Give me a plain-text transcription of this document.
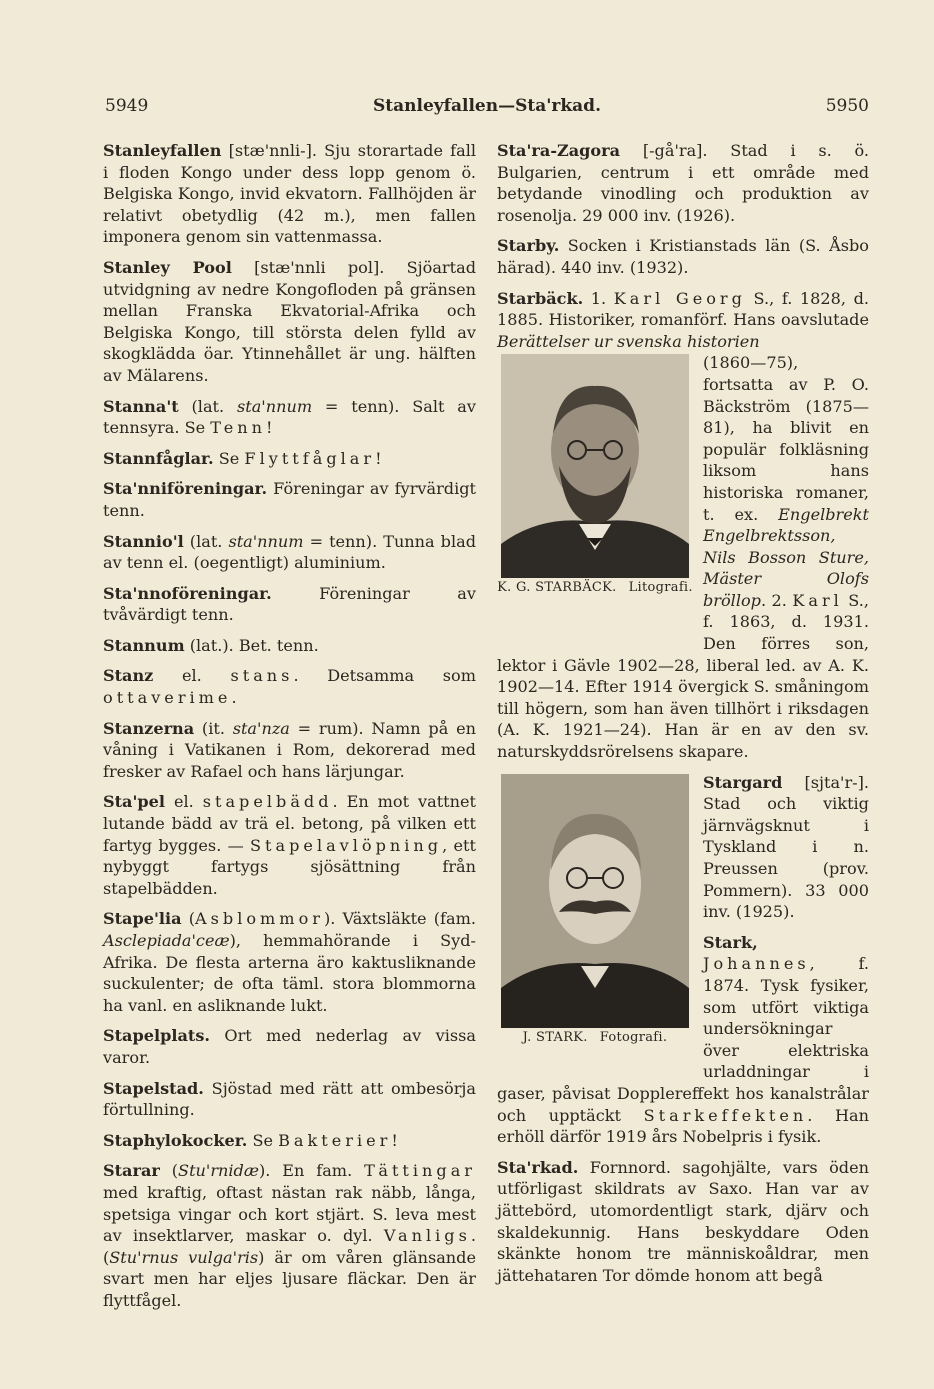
5949	Stanleyfallen—Sta'rkad.	5950

Stanleyfallen [stæ'nnli-]. Sju storartade fall i floden Kongo under dess lopp genom ö. Belgiska Kongo, invid ekvatorn. Fallhöjden är relativt obetydlig (42 m.), men fallen imponera genom sin vattenmassa.

Stanley Pool [stæ'nnli pol]. Sjöartad utvidgning av nedre Kongofloden på gränsen mellan Franska Ekvatorial-Afrika och Belgiska Kongo, till största delen fylld av skogklädda öar. Ytinnehållet är ung. hälften av Mälarens.

Stanna't (lat. sta'nnum = tenn). Salt av tennsyra. Se Tenn!

Stannfåglar. Se Flyttfåglar!

Sta'nniföreningar. Föreningar av fyrvärdigt tenn.

Stannio'l (lat. sta'nnum = tenn). Tunna blad av tenn el. (oegentligt) aluminium.

Sta'nnoföreningar. Föreningar av tvåvärdigt tenn.

Stannum (lat.). Bet. tenn.

Stanz el. stans. Detsamma som ottaverime.

Stanzerna (it. sta'nza = rum). Namn på en våning i Vatikanen i Rom, dekorerad med fresker av Rafael och hans lärjungar.

Sta'pel el. stapelbädd. En mot vattnet lutande bädd av trä el. betong, på vilken ett fartyg bygges. — Stapelavlöpning, ett nybyggt fartygs sjösättning från stapelbädden.

Stape'lia (Asblommor). Växtsläkte (fam. Asclepiada'ceæ), hemmahörande i Syd-Afrika. De flesta arterna äro kaktusliknande suckulenter; de ofta täml. stora blommorna ha vanl. en asliknande lukt.

Stapelplats. Ort med nederlag av vissa varor.

Stapelstad. Sjöstad med rätt att ombesörja förtullning.

Staphylokocker. Se Bakterier!

Starar (Stu'rnidæ). En fam. Tättingar med kraftig, oftast nästan rak näbb, långa, spetsiga vingar och kort stjärt. S. leva mest av insektlarver, maskar o. dyl. Vanligs. (Stu'rnus vulga'ris) är om våren glänsande svart men har eljes ljusare fläckar. Den är flyttfågel.

Sta'ra-Zagora [-gå'ra]. Stad i s. ö. Bulgarien, centrum i ett område med betydande vinodling och produktion av rosenolja. 29 000 inv. (1926).

Starby. Socken i Kristianstads län (S. Åsbo härad). 440 inv. (1932).

Starbäck. 1. Karl Georg S., f. 1828, d. 1885. Historiker, romanförf. Hans oavslutade Berättelser ur svenska historien

K. G. STARBÄCK. Litografi.

(1860—75), fortsatta av P. O. Bäckström (1875—81), ha blivit en populär folkläsning liksom hans historiska romaner, t. ex. Engelbrekt Engelbrektsson, Nils Bosson Sture, Mäster Olofs bröllop. 2. Karl S., f. 1863, d. 1931. Den förres son, lektor i Gävle 1902—28, liberal led. av A. K. 1902—14. Efter 1914 övergick S. småningom till högern, som han även tillhört i riksdagen (A. K. 1921—24). Han är en av den sv. naturskyddsrörelsens skapare.

J. STARK. Fotografi.

Stargard [sjta'r-]. Stad och viktig järnvägsknut i Tyskland i n. Preussen (prov. Pommern). 33 000 inv. (1925).

Stark, Johannes, f. 1874. Tysk fysiker, som utfört viktiga undersökningar över elektriska urladdningar i gaser, påvisat Dopplereffekt hos kanalstrålar och upptäckt Starkeffekten. Han erhöll därför 1919 års Nobelpris i fysik.

Sta'rkad. Fornnord. sagohjälte, vars öden utförligast skildrats av Saxo. Han var av jättebörd, utomordentligt stark, djärv och skaldekunnig. Hans beskyddare Oden skänkte honom tre människoåldrar, men jättehataren Tor dömde honom att begå
